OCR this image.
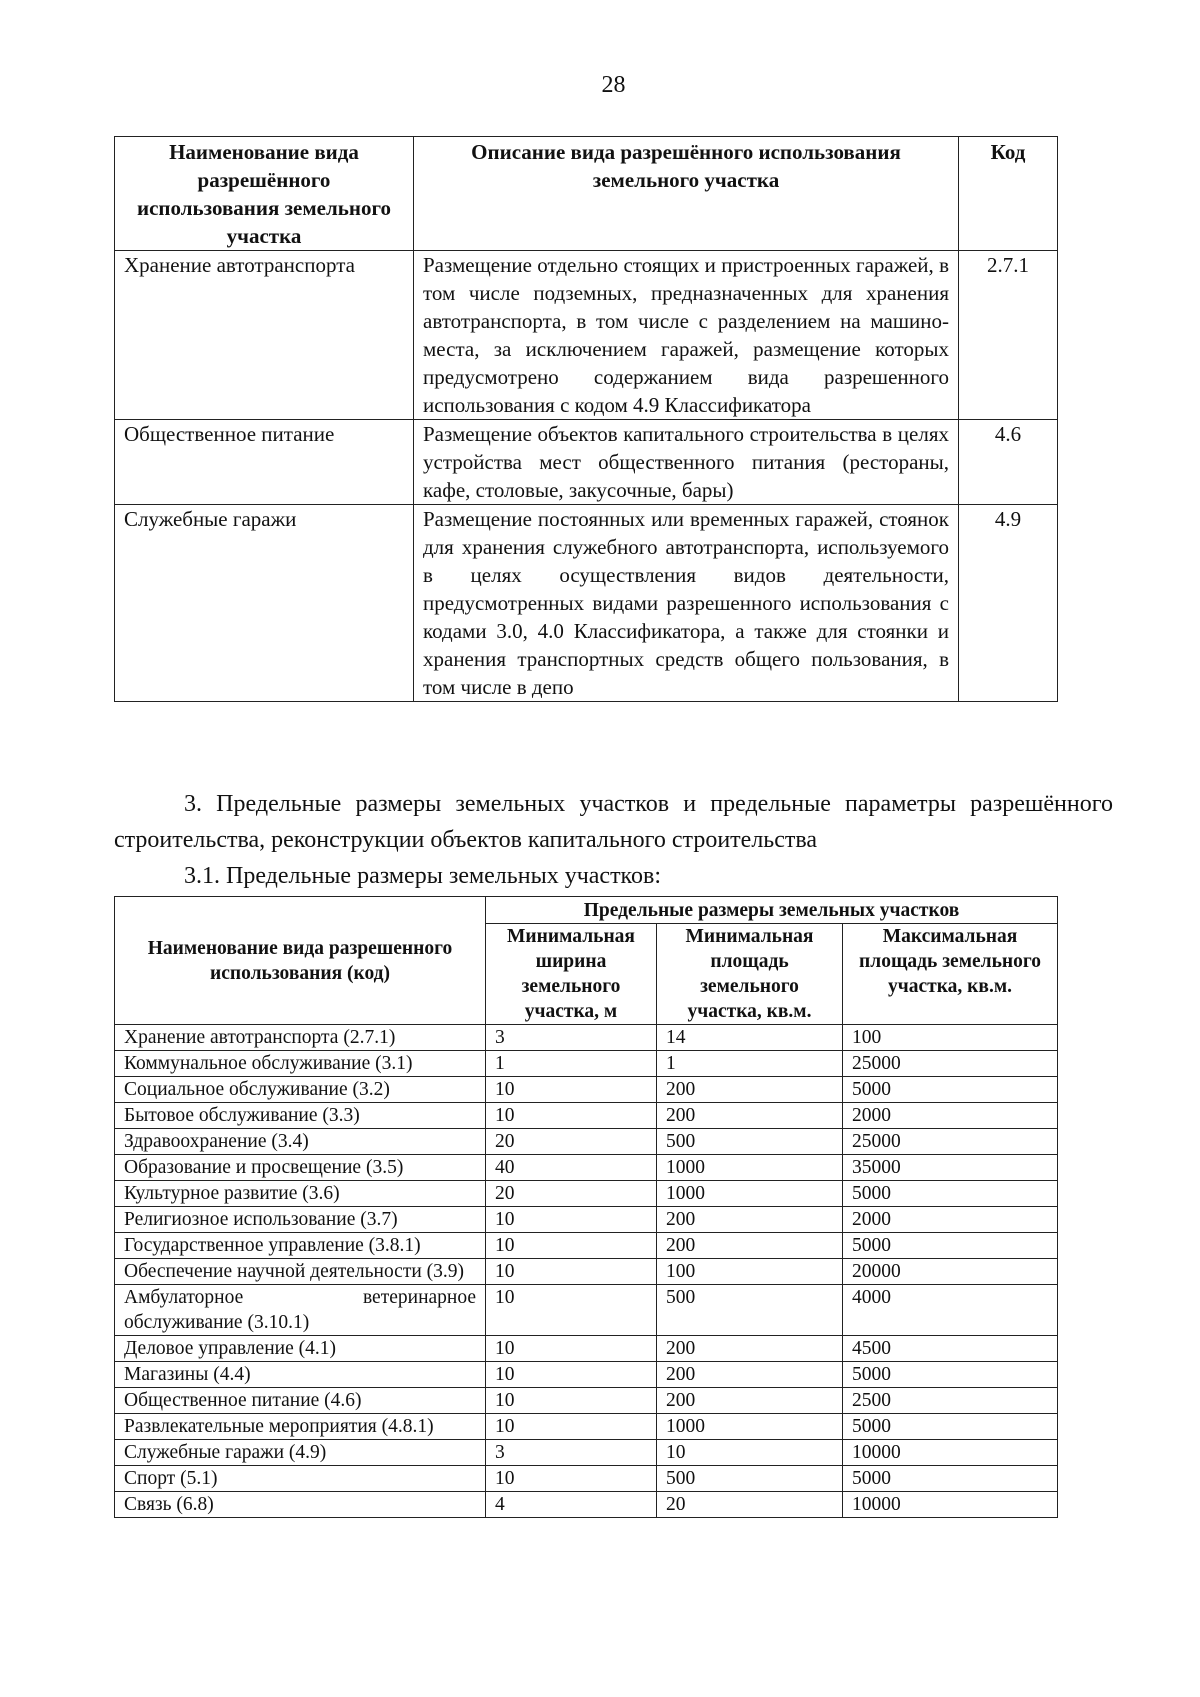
28
Наименование вида разрешённого использования земельного участка	Описание вида разрешённого использования земельного участка	Код
Хранение автотранспорта	Размещение отдельно стоящих и пристроенных гаражей, в том числе подземных, предназначенных для хранения автотранспорта, в том числе с разделением на машино-места, за исключением гаражей, размещение которых предусмотрено содержанием вида разрешенного использования с кодом 4.9 Классификатора	2.7.1
Общественное питание	Размещение объектов капитального строительства в целях устройства мест общественного питания (рестораны, кафе, столовые, закусочные, бары)	4.6
Служебные гаражи	Размещение постоянных или временных гаражей, стоянок для хранения служебного автотранспорта, используемого в целях осуществления видов деятельности, предусмотренных видами разрешенного использования с кодами 3.0, 4.0 Классификатора, а также для стоянки и хранения транспортных средств общего пользования, в том числе в депо	4.9
3. Предельные размеры земельных участков и предельные параметры разрешённого строительства, реконструкции объектов капитального строительства
3.1. Предельные размеры земельных участков:
Наименование вида разрешенного использования (код)	Предельные размеры земельных участков		
	Минимальная ширина земельного участка, м	Минимальная площадь земельного участка, кв.м.	Максимальная площадь земельного участка, кв.м.
Хранение автотранспорта (2.7.1)	3	14	100
Коммунальное обслуживание (3.1)	1	1	25000
Социальное обслуживание (3.2)	10	200	5000
Бытовое обслуживание (3.3)	10	200	2000
Здравоохранение (3.4)	20	500	25000
Образование и просвещение (3.5)	40	1000	35000
Культурное развитие (3.6)	20	1000	5000
Религиозное использование (3.7)	10	200	2000
Государственное управление (3.8.1)	10	200	5000
Обеспечение научной деятельности (3.9)	10	100	20000
Амбулаторное ветеринарное обслуживание (3.10.1)	10	500	4000
Деловое управление (4.1)	10	200	4500
Магазины (4.4)	10	200	5000
Общественное питание (4.6)	10	200	2500
Развлекательные мероприятия (4.8.1)	10	1000	5000
Служебные гаражи (4.9)	3	10	10000
Спорт (5.1)	10	500	5000
Связь (6.8)	4	20	10000
